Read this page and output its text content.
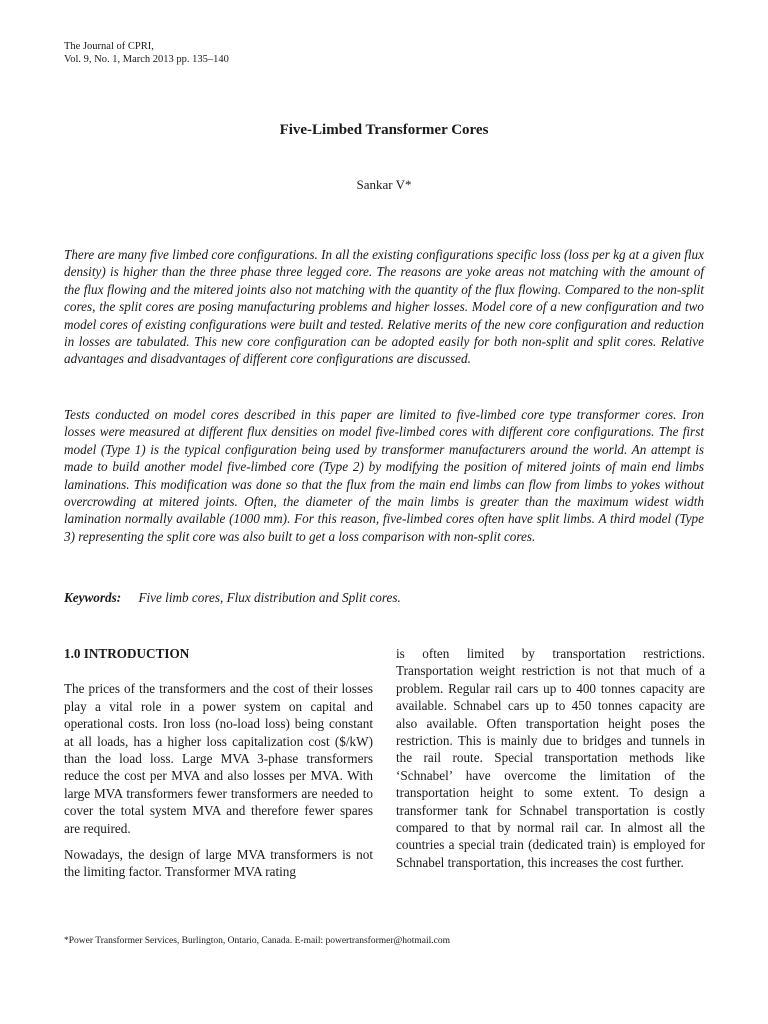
The Journal of CPRI,
Vol. 9, No. 1, March 2013 pp. 135–140
Five-Limbed Transformer Cores
Sankar V*

There are many five limbed core configurations. In all the existing configurations specific loss (loss per kg at a given flux density) is higher than the three phase three legged core. The reasons are yoke areas not matching with the amount of the flux flowing and the mitered joints also not matching with the quantity of the flux flowing. Compared to the non-split cores, the split cores are posing manufacturing problems and higher losses. Model core of a new configuration and two model cores of existing configurations were built and tested. Relative merits of the new core configuration and reduction in losses are tabulated. This new core configuration can be adopted easily for both non-split and split cores. Relative advantages and disadvantages of different core configurations are discussed.

Tests conducted on model cores described in this paper are limited to five-limbed core type transformer cores. Iron losses were measured at different flux densities on model five-limbed cores with different core configurations. The first model (Type 1) is the typical configuration being used by transformer manufacturers around the world. An attempt is made to build another model five-limbed core (Type 2) by modifying the position of mitered joints of main end limbs laminations. This modification was done so that the flux from the main end limbs can flow from limbs to yokes without overcrowding at mitered joints. Often, the diameter of the main limbs is greater than the maximum widest width lamination normally available (1000 mm). For this reason, five-limbed cores often have split limbs. A third model (Type 3) representing the split core was also built to get a loss comparison with non-split cores.

Keywords: Five limb cores, Flux distribution and Split cores.

1.0 INTRODUCTION

The prices of the transformers and the cost of their losses play a vital role in a power system on capital and operational costs. Iron loss (no-load loss) being constant at all loads, has a higher loss capitalization cost ($/kW) than the load loss. Large MVA 3-phase transformers reduce the cost per MVA and also losses per MVA. With large MVA transformers fewer transformers are needed to cover the total system MVA and therefore fewer spares are required.

Nowadays, the design of large MVA transformers is not the limiting factor. Transformer MVA rating

is often limited by transportation restrictions. Transportation weight restriction is not that much of a problem. Regular rail cars up to 400 tonnes capacity are available. Schnabel cars up to 450 tonnes capacity are also available. Often transportation height poses the restriction. This is mainly due to bridges and tunnels in the rail route. Special transportation methods like ‘Schnabel’ have overcome the limitation of the transportation height to some extent. To design a transformer tank for Schnabel transportation is costly compared to that by normal rail car. In almost all the countries a special train (dedicated train) is employed for Schnabel transportation, this increases the cost further.

*Power Transformer Services, Burlington, Ontario, Canada. E-mail: powertransformer@hotmail.com
